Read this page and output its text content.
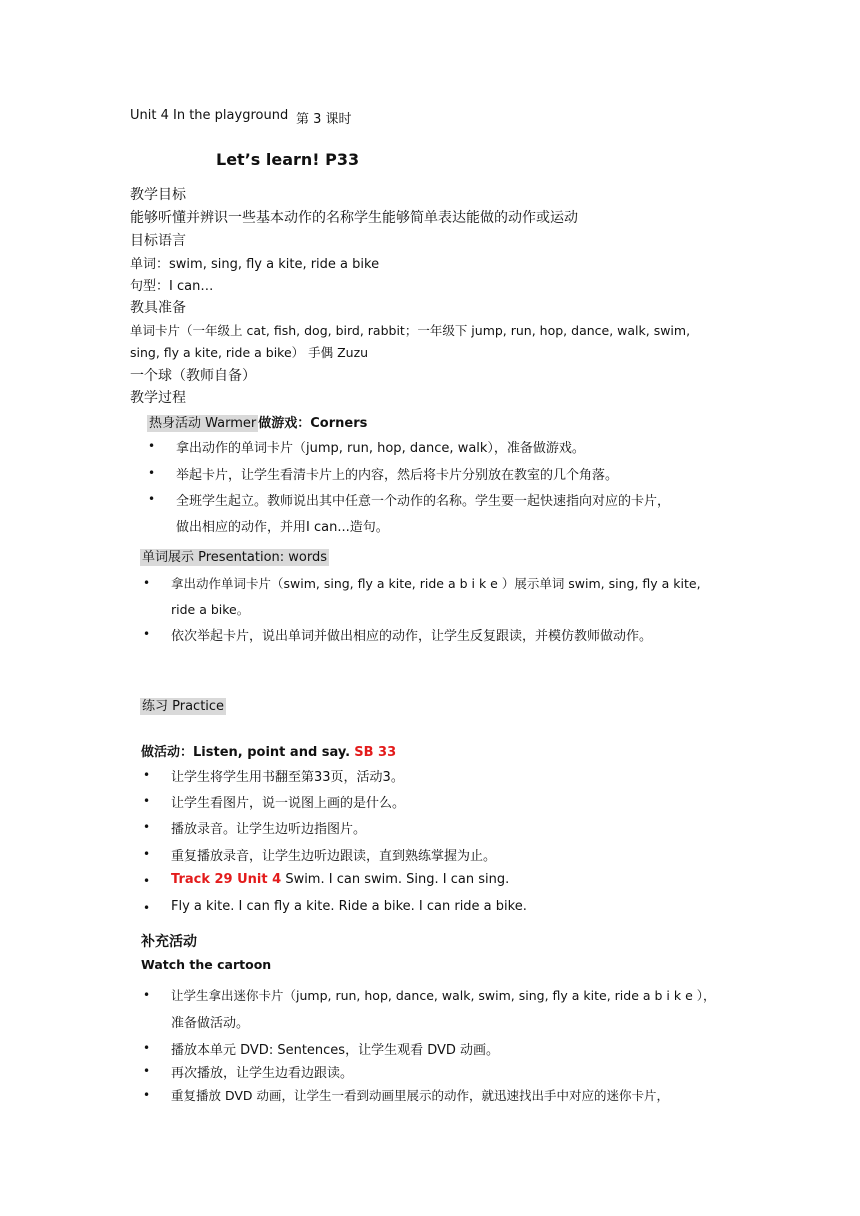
Unit 4 In the playground 第 3 课时
Let’s learn! P33
教学目标
能够听懂并辨识一些基本动作的名称学生能够简单表达能做的动作或运动
目标语言
单词：swim, sing, fly a kite, ride a bike
句型：I can…
教具准备
单词卡片（一年级上 cat, fish, dog, bird, rabbit；一年级下 jump, run, hop, dance, walk, swim,
sing, fly a kite, ride a bike） 手偶 Zuzu
一个球（教师自备）
教学过程
热身活动 Warmer 做游戏：Corners
• 拿出动作的单词卡片（jump, run, hop, dance, walk），准备做游戏。
• 举起卡片，让学生看清卡片上的内容，然后将卡片分别放在教室的几个角落。
• 全班学生起立。教师说出其中任意一个动作的名称。学生要一起快速指向对应的卡片，
做出相应的动作，并用I can...造句。
单词展示 Presentation: words
• 拿出动作单词卡片（swim, sing, fly a kite, ride a b i k e ）展示单词 swim, sing, fly a kite,
ride a bike。
• 依次举起卡片，说出单词并做出相应的动作，让学生反复跟读，并模仿教师做动作。
练习 Practice
做活动：Listen, point and say. SB 33
• 让学生将学生用书翻至第33页，活动3。
• 让学生看图片，说一说图上画的是什么。
• 播放录音。让学生边听边指图片。
• 重复播放录音，让学生边听边跟读，直到熟练掌握为止。
• Track 29 Unit 4 Swim. I can swim. Sing. I can sing.
• Fly a kite. I can fly a kite. Ride a bike. I can ride a bike.
补充活动
Watch the cartoon
• 让学生拿出迷你卡片（jump, run, hop, dance, walk, swim, sing, fly a kite, ride a b i k e ），
准备做活动。
• 播放本单元 DVD: Sentences，让学生观看 DVD 动画。
• 再次播放，让学生边看边跟读。
• 重复播放 DVD 动画，让学生一看到动画里展示的动作，就迅速找出手中对应的迷你卡片，
